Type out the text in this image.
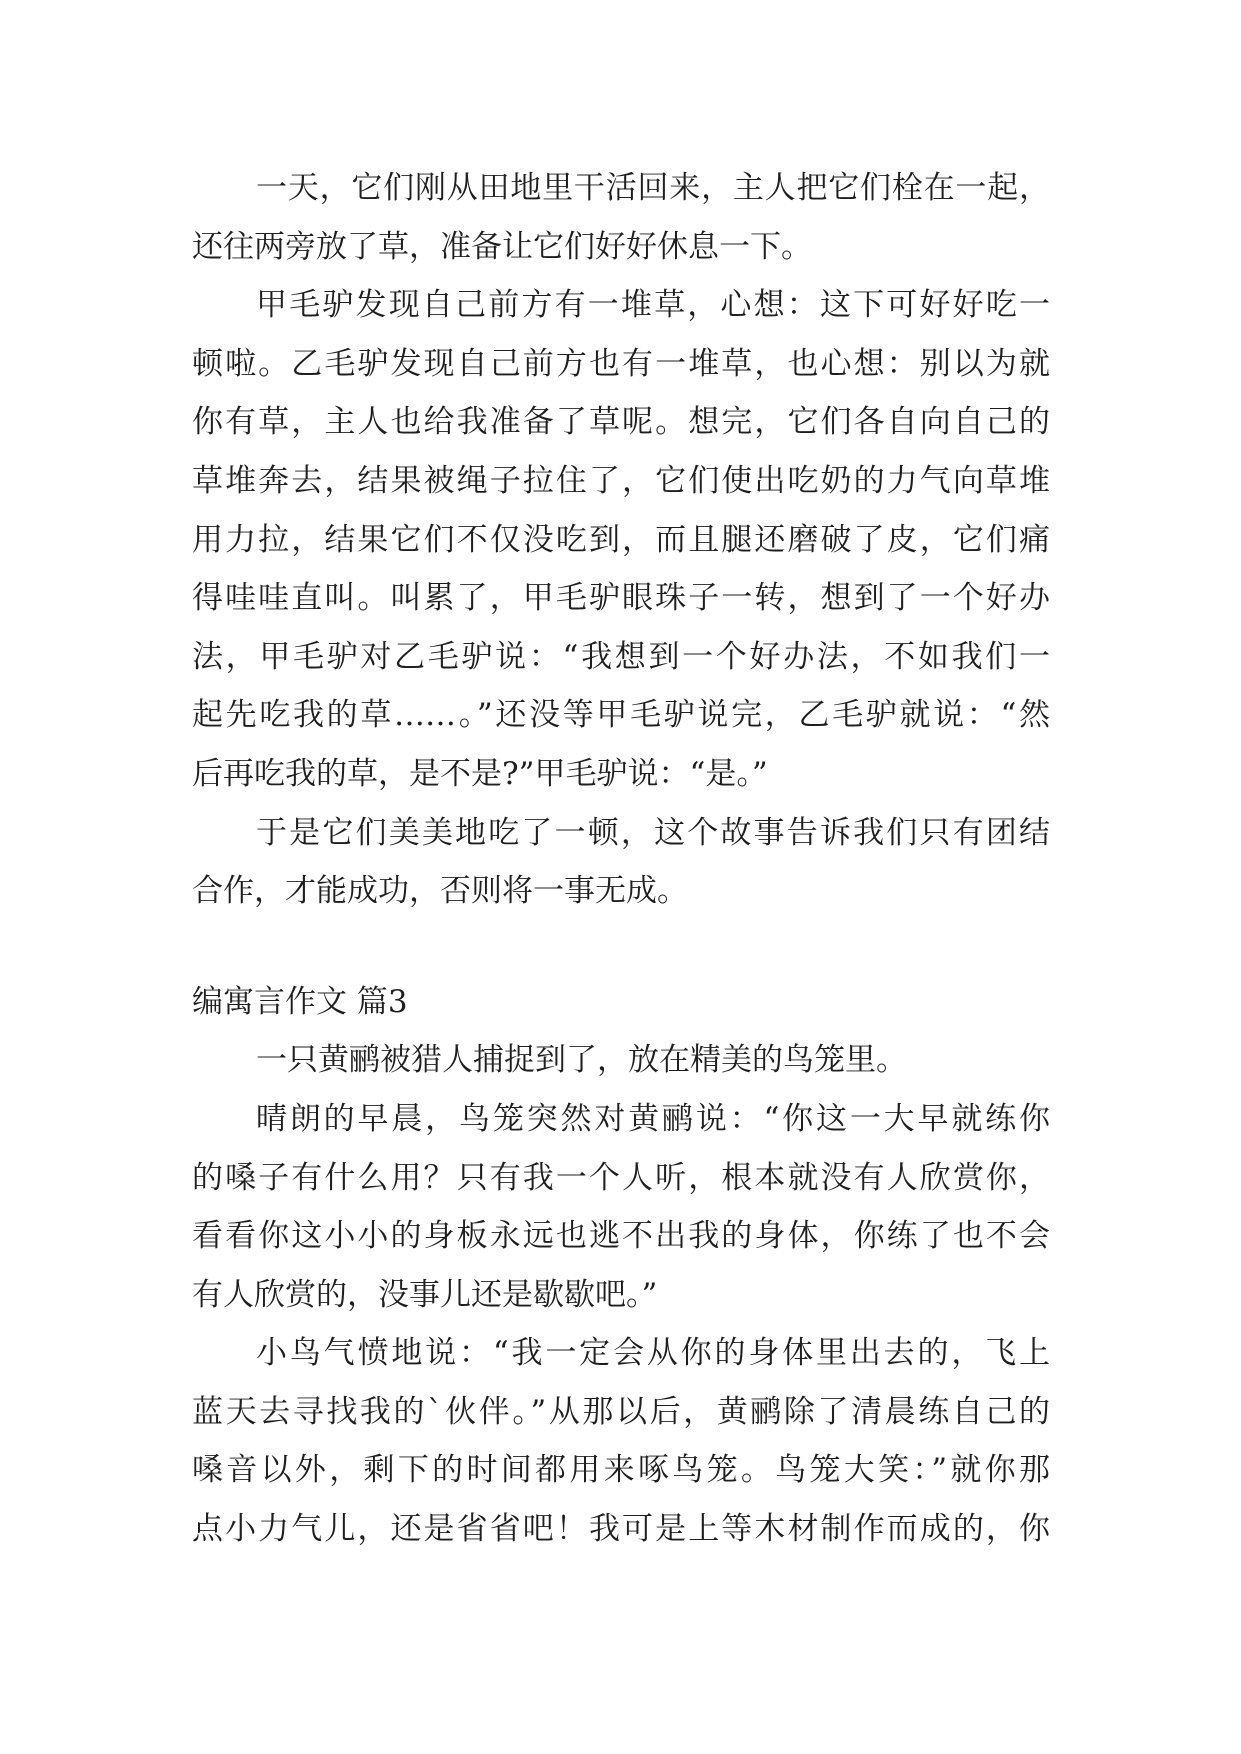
一天，它们刚从田地里干活回来，主人把它们栓在一起，
还往两旁放了草，准备让它们好好休息一下。
甲毛驴发现自己前方有一堆草，心想：这下可好好吃一
顿啦。乙毛驴发现自己前方也有一堆草，也心想：别以为就
你有草，主人也给我准备了草呢。想完，它们各自向自己的
草堆奔去，结果被绳子拉住了，它们使出吃奶的力气向草堆
用力拉，结果它们不仅没吃到，而且腿还磨破了皮，它们痛
得哇哇直叫。叫累了，甲毛驴眼珠子一转，想到了一个好办
法，甲毛驴对乙毛驴说：“我想到一个好办法，不如我们一
起先吃我的草……。”还没等甲毛驴说完，乙毛驴就说：“然
后再吃我的草，是不是?”甲毛驴说：“是。”
于是它们美美地吃了一顿，这个故事告诉我们只有团结
合作，才能成功，否则将一事无成。
编寓言作文 篇3
一只黄鹂被猎人捕捉到了，放在精美的鸟笼里。
晴朗的早晨，鸟笼突然对黄鹂说：“你这一大早就练你
的嗓子有什么用？只有我一个人听，根本就没有人欣赏你，
看看你这小小的身板永远也逃不出我的身体，你练了也不会
有人欣赏的，没事儿还是歇歇吧。”
小鸟气愤地说：“我一定会从你的身体里出去的，飞上
蓝天去寻找我的`伙伴。”从那以后，黄鹂除了清晨练自己的
嗓音以外，剩下的时间都用来啄鸟笼。鸟笼大笑：”就你那
点小力气儿，还是省省吧！我可是上等木材制作而成的，你
